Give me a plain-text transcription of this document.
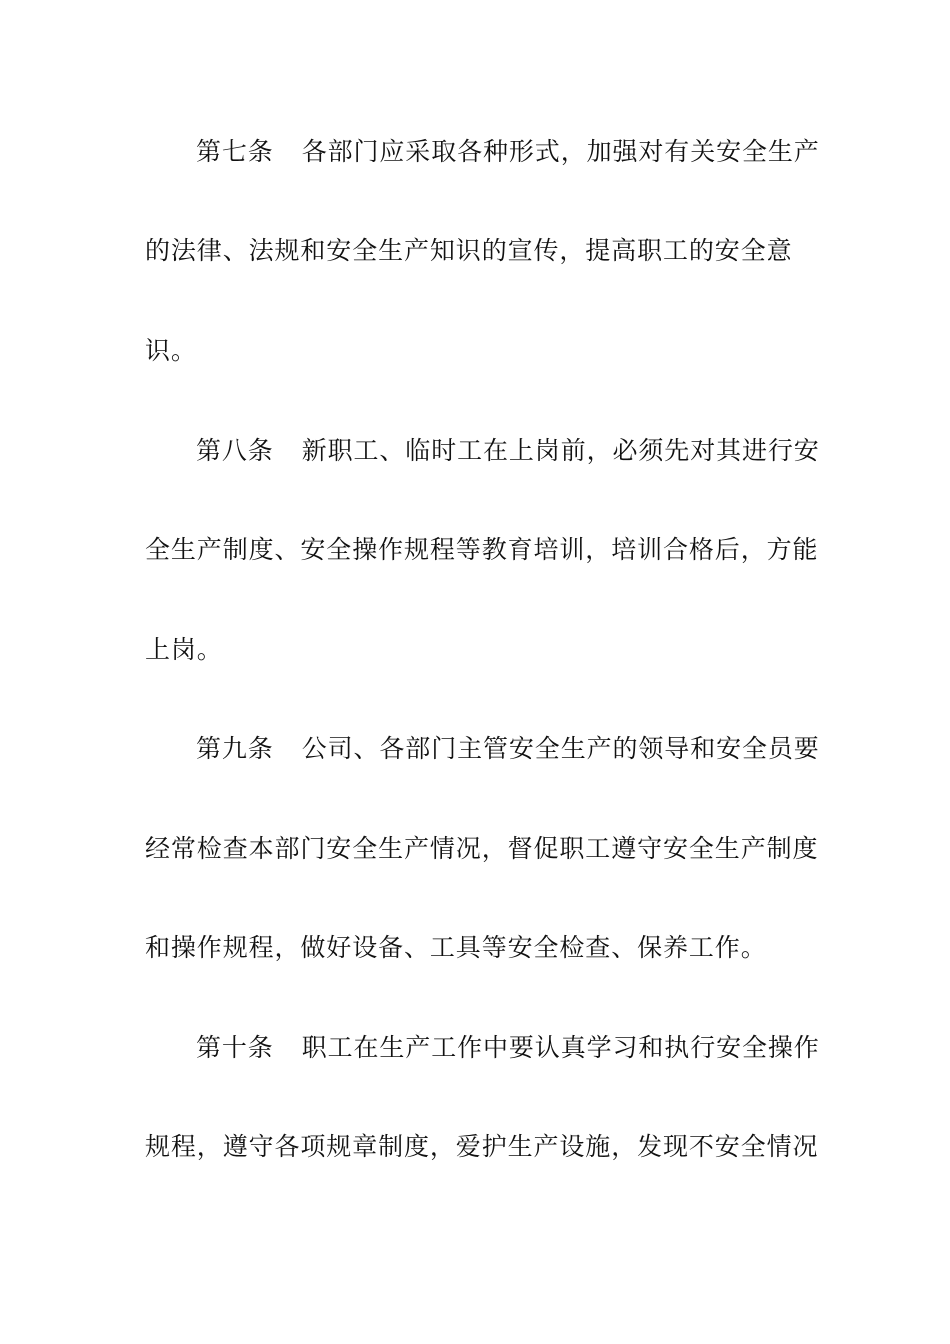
第七条 各部门应采取各种形式，加强对有关安全生产
的法律、法规和安全生产知识的宣传，提高职工的安全意
识。
第八条 新职工、临时工在上岗前，必须先对其进行安
全生产制度、安全操作规程等教育培训，培训合格后，方能
上岗。
第九条 公司、各部门主管安全生产的领导和安全员要
经常检查本部门安全生产情况，督促职工遵守安全生产制度
和操作规程，做好设备、工具等安全检查、保养工作。
第十条 职工在生产工作中要认真学习和执行安全操作
规程，遵守各项规章制度，爱护生产设施，发现不安全情况
